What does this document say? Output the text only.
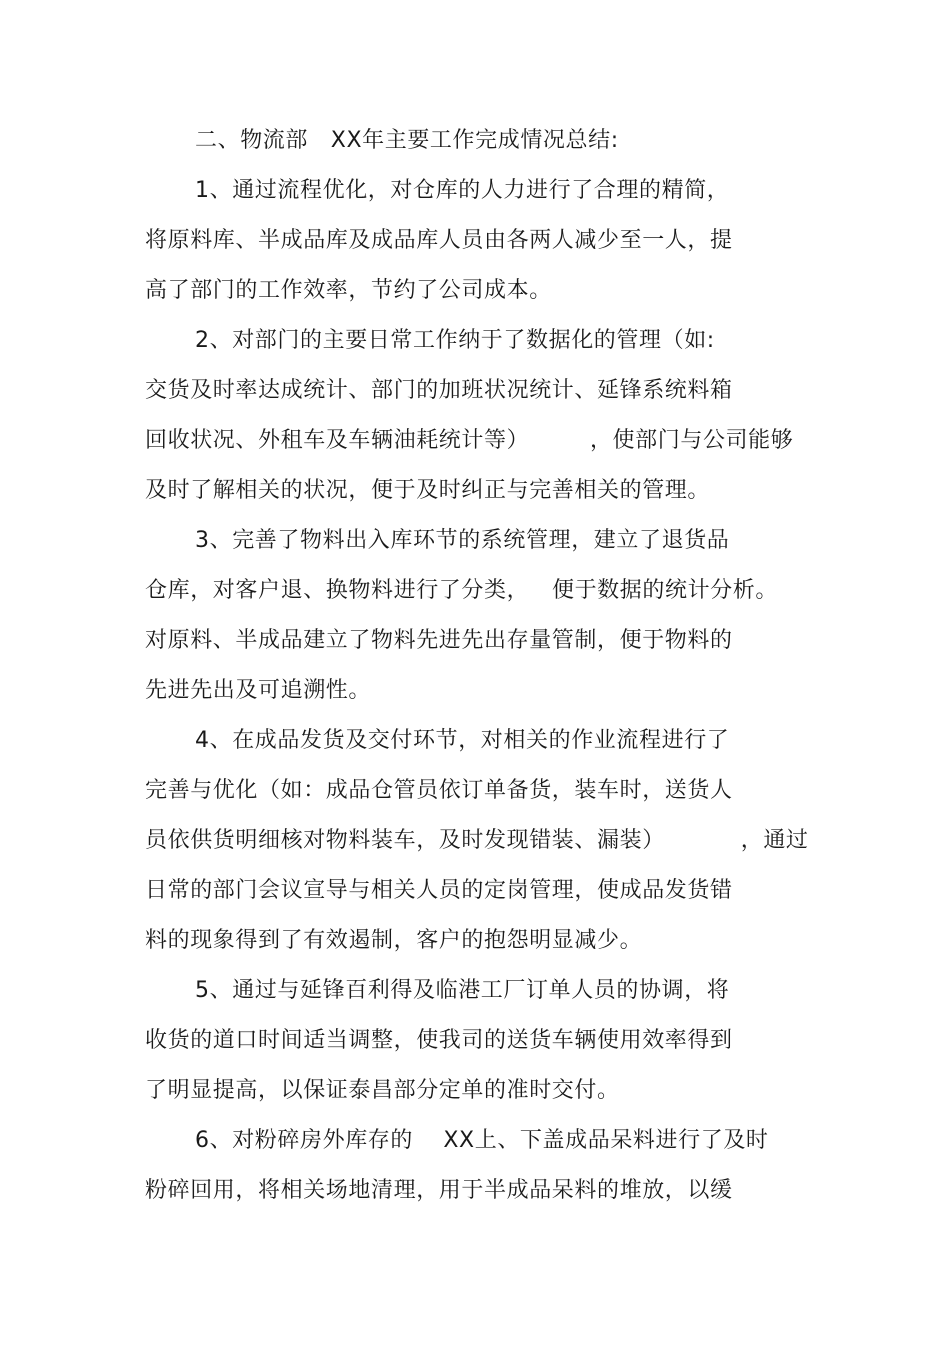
二、物流部   XX年主要工作完成情况总结:
1、通过流程优化，对仓库的人力进行了合理的精简，
将原料库、半成品库及成品库人员由各两人减少至一人，提
高了部门的工作效率，节约了公司成本。
2、对部门的主要日常工作纳于了数据化的管理（如:
交货及时率达成统计、部门的加班状况统计、延锋系统料箱
回收状况、外租车及车辆油耗统计等）        ，使部门与公司能够
及时了解相关的状况，便于及时纠正与完善相关的管理。
3、完善了物料出入库环节的系统管理，建立了退货品
仓库，对客户退、换物料进行了分类，   便于数据的统计分析。
对原料、半成品建立了物料先进先出存量管制，便于物料的
先进先出及可追溯性。
4、在成品发货及交付环节，对相关的作业流程进行了
完善与优化（如：成品仓管员依订单备货，装车时，送货人
员依供货明细核对物料装车，及时发现错装、漏装）          ，通过
日常的部门会议宣导与相关人员的定岗管理，使成品发货错
料的现象得到了有效遏制，客户的抱怨明显减少。
5、通过与延锋百利得及临港工厂订单人员的协调，将
收货的道口时间适当调整，使我司的送货车辆使用效率得到
了明显提高，以保证泰昌部分定单的准时交付。
6、对粉碎房外库存的    XX上、下盖成品呆料进行了及时
粉碎回用，将相关场地清理，用于半成品呆料的堆放，以缓
